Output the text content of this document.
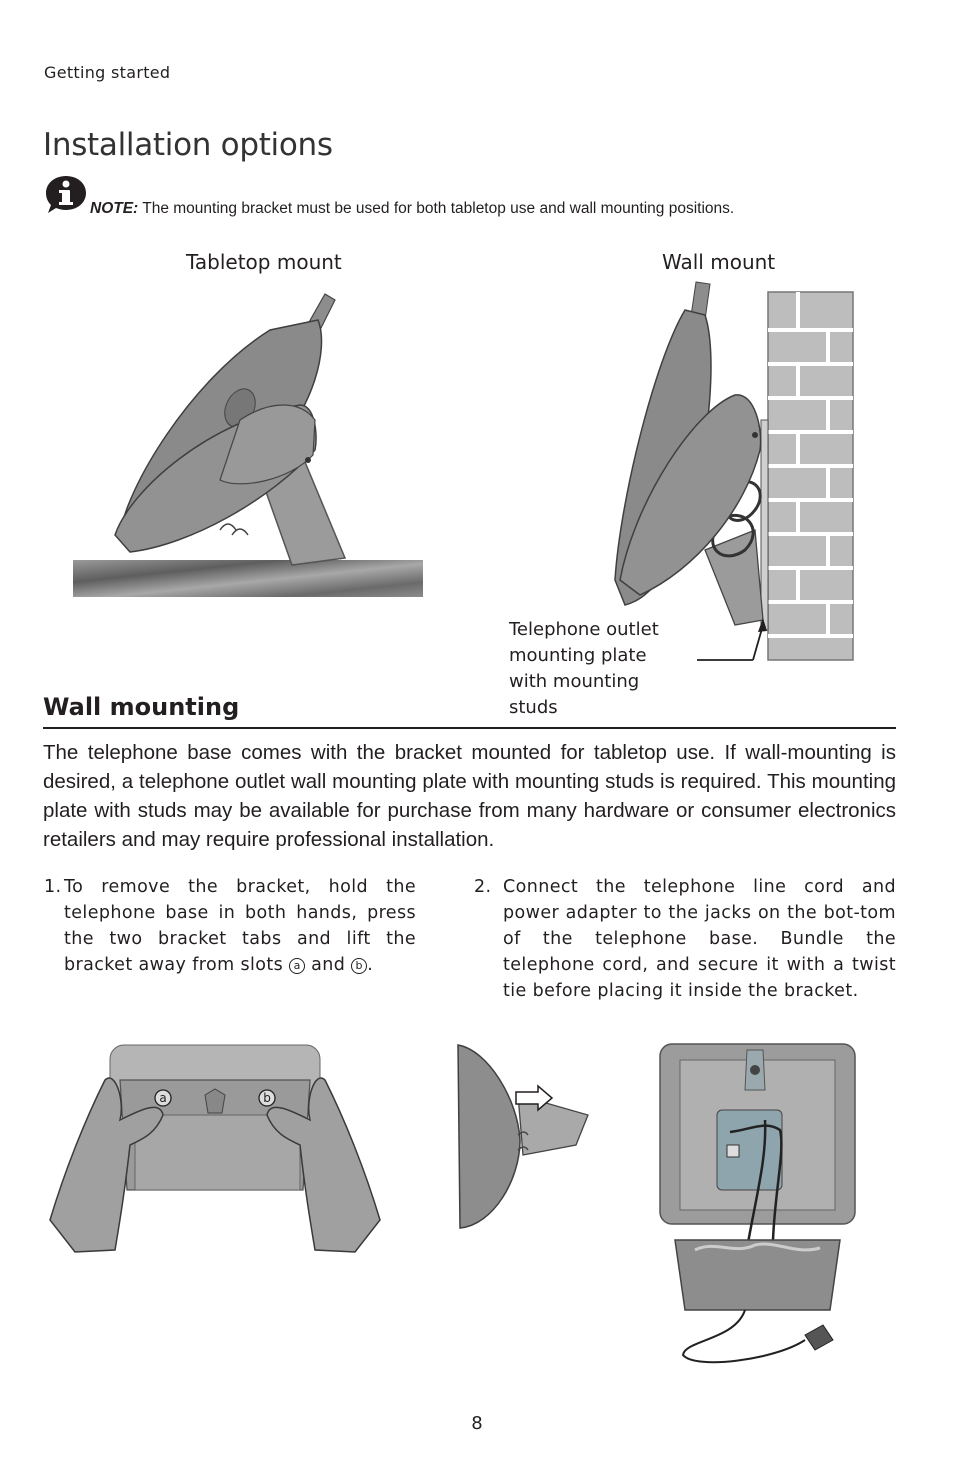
Getting started
Installation options
NOTE: The mounting bracket must be used for both tabletop use and wall mounting positions.
Tabletop mount	Wall mount
Telephone outlet mounting plate with mounting studs
Wall mounting
The telephone base comes with the bracket mounted for tabletop use. If wall-mounting is desired, a telephone outlet wall mounting plate with mounting studs is required. This mounting plate with studs may be available for purchase from many hardware or consumer electronics retailers and may require professional installation.
1. To remove the bracket, hold the telephone base in both hands, press the two bracket tabs and lift the bracket away from slots a and b .
2. Connect the telephone line cord and power adapter to the jacks on the bot-tom of the telephone base. Bundle the telephone cord, and secure it with a twist tie before placing it inside the bracket.
a	b
8
